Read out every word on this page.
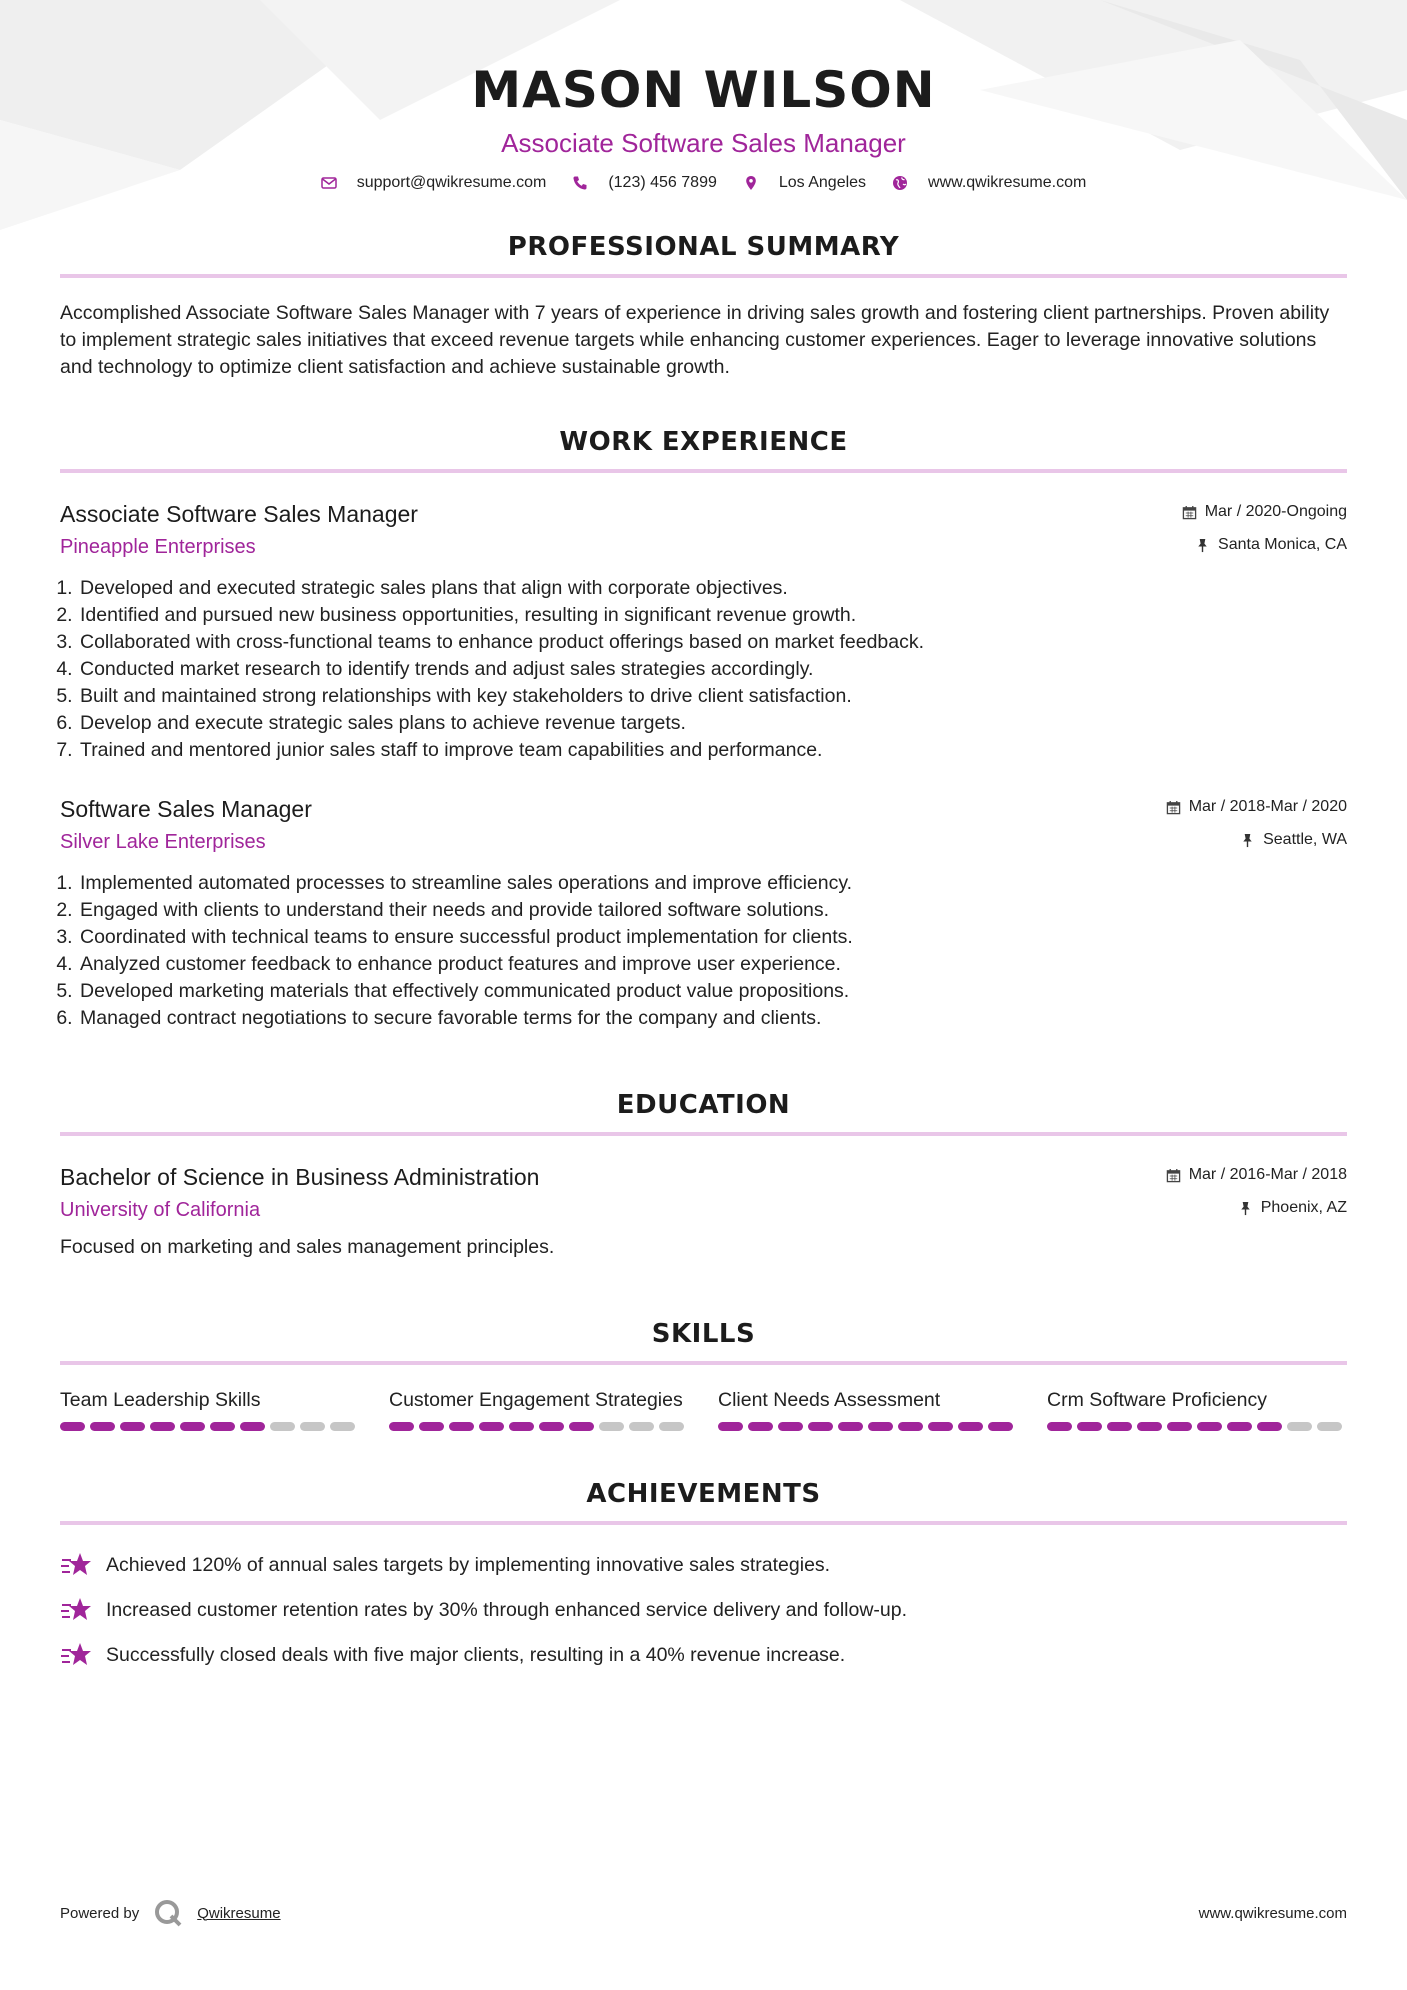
MASON WILSON
Associate Software Sales Manager
support@qwikresume.com	(123) 456 7899	Los Angeles	www.qwikresume.com
PROFESSIONAL SUMMARY
Accomplished Associate Software Sales Manager with 7 years of experience in driving sales growth and fostering client partnerships. Proven ability to implement strategic sales initiatives that exceed revenue targets while enhancing customer experiences. Eager to leverage innovative solutions and technology to optimize client satisfaction and achieve sustainable growth.
WORK EXPERIENCE
Associate Software Sales Manager
Pineapple Enterprises
Mar / 2020-Ongoing
Santa Monica, CA
1. Developed and executed strategic sales plans that align with corporate objectives.
2. Identified and pursued new business opportunities, resulting in significant revenue growth.
3. Collaborated with cross-functional teams to enhance product offerings based on market feedback.
4. Conducted market research to identify trends and adjust sales strategies accordingly.
5. Built and maintained strong relationships with key stakeholders to drive client satisfaction.
6. Develop and execute strategic sales plans to achieve revenue targets.
7. Trained and mentored junior sales staff to improve team capabilities and performance.
Software Sales Manager
Silver Lake Enterprises
Mar / 2018-Mar / 2020
Seattle, WA
1. Implemented automated processes to streamline sales operations and improve efficiency.
2. Engaged with clients to understand their needs and provide tailored software solutions.
3. Coordinated with technical teams to ensure successful product implementation for clients.
4. Analyzed customer feedback to enhance product features and improve user experience.
5. Developed marketing materials that effectively communicated product value propositions.
6. Managed contract negotiations to secure favorable terms for the company and clients.
EDUCATION
Bachelor of Science in Business Administration
University of California
Mar / 2016-Mar / 2018
Phoenix, AZ
Focused on marketing and sales management principles.
SKILLS
Team Leadership Skills	Customer Engagement Strategies	Client Needs Assessment	Crm Software Proficiency
ACHIEVEMENTS
Achieved 120% of annual sales targets by implementing innovative sales strategies.
Increased customer retention rates by 30% through enhanced service delivery and follow-up.
Successfully closed deals with five major clients, resulting in a 40% revenue increase.
Powered by	Qwikresume	www.qwikresume.com
